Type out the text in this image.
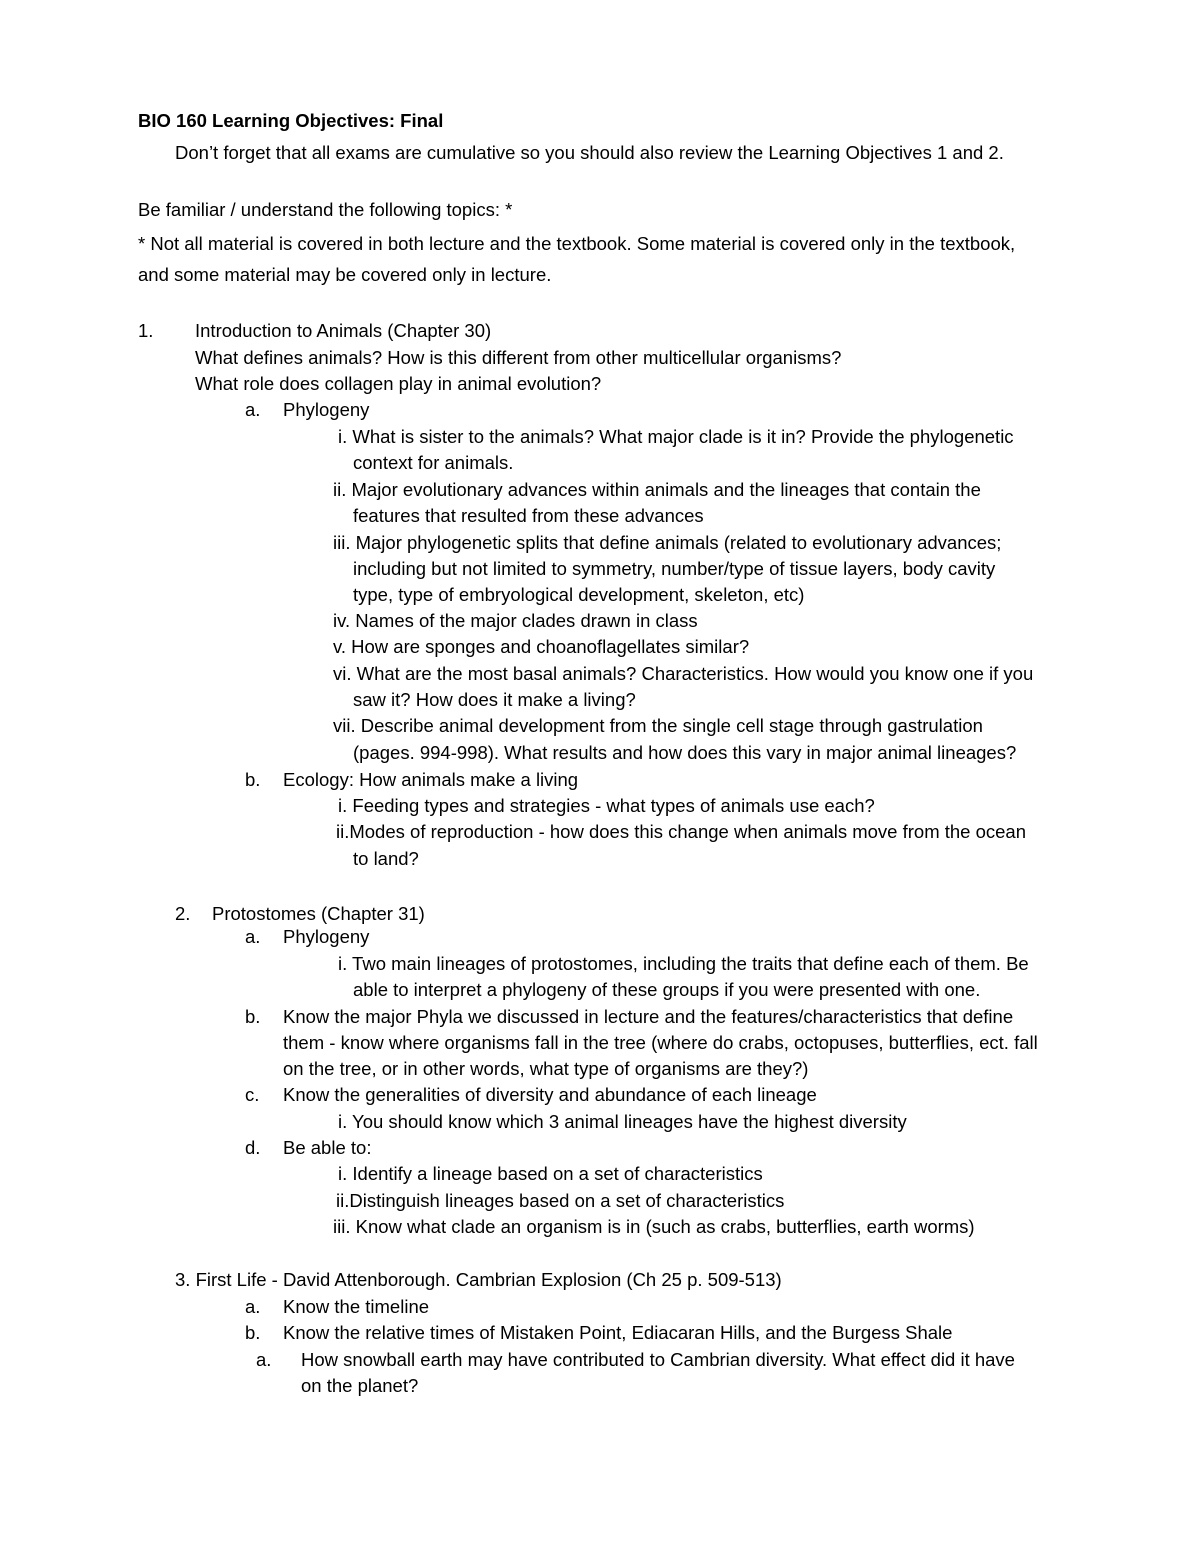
BIO 160 Learning Objectives: Final
Don’t forget that all exams are cumulative so you should also review the Learning Objectives 1 and 2.
Be familiar / understand the following topics: *
* Not all material is covered in both lecture and the textbook. Some material is covered only in the textbook,
and some material may be covered only in lecture.
1. Introduction to Animals (Chapter 30)
What defines animals? How is this different from other multicellular organisms?
What role does collagen play in animal evolution?
a. Phylogeny
i. What is sister to the animals? What major clade is it in? Provide the phylogenetic
context for animals.
ii. Major evolutionary advances within animals and the lineages that contain the
features that resulted from these advances
iii. Major phylogenetic splits that define animals (related to evolutionary advances;
including but not limited to symmetry, number/type of tissue layers, body cavity
type, type of embryological development, skeleton, etc)
iv. Names of the major clades drawn in class
v. How are sponges and choanoflagellates similar?
vi. What are the most basal animals? Characteristics. How would you know one if you
saw it? How does it make a living?
vii. Describe animal development from the single cell stage through gastrulation
(pages. 994-998). What results and how does this vary in major animal lineages?
b. Ecology: How animals make a living
i. Feeding types and strategies - what types of animals use each?
ii.Modes of reproduction - how does this change when animals move from the ocean
to land?
2. Protostomes (Chapter 31)
a. Phylogeny
i. Two main lineages of protostomes, including the traits that define each of them. Be
able to interpret a phylogeny of these groups if you were presented with one.
b. Know the major Phyla we discussed in lecture and the features/characteristics that define
them - know where organisms fall in the tree (where do crabs, octopuses, butterflies, ect. fall
on the tree, or in other words, what type of organisms are they?)
c. Know the generalities of diversity and abundance of each lineage
i. You should know which 3 animal lineages have the highest diversity
d. Be able to:
i. Identify a lineage based on a set of characteristics
ii.Distinguish lineages based on a set of characteristics
iii. Know what clade an organism is in (such as crabs, butterflies, earth worms)
3. First Life - David Attenborough. Cambrian Explosion (Ch 25 p. 509-513)
a. Know the timeline
b. Know the relative times of Mistaken Point, Ediacaran Hills, and the Burgess Shale
a. How snowball earth may have contributed to Cambrian diversity. What effect did it have
on the planet?
